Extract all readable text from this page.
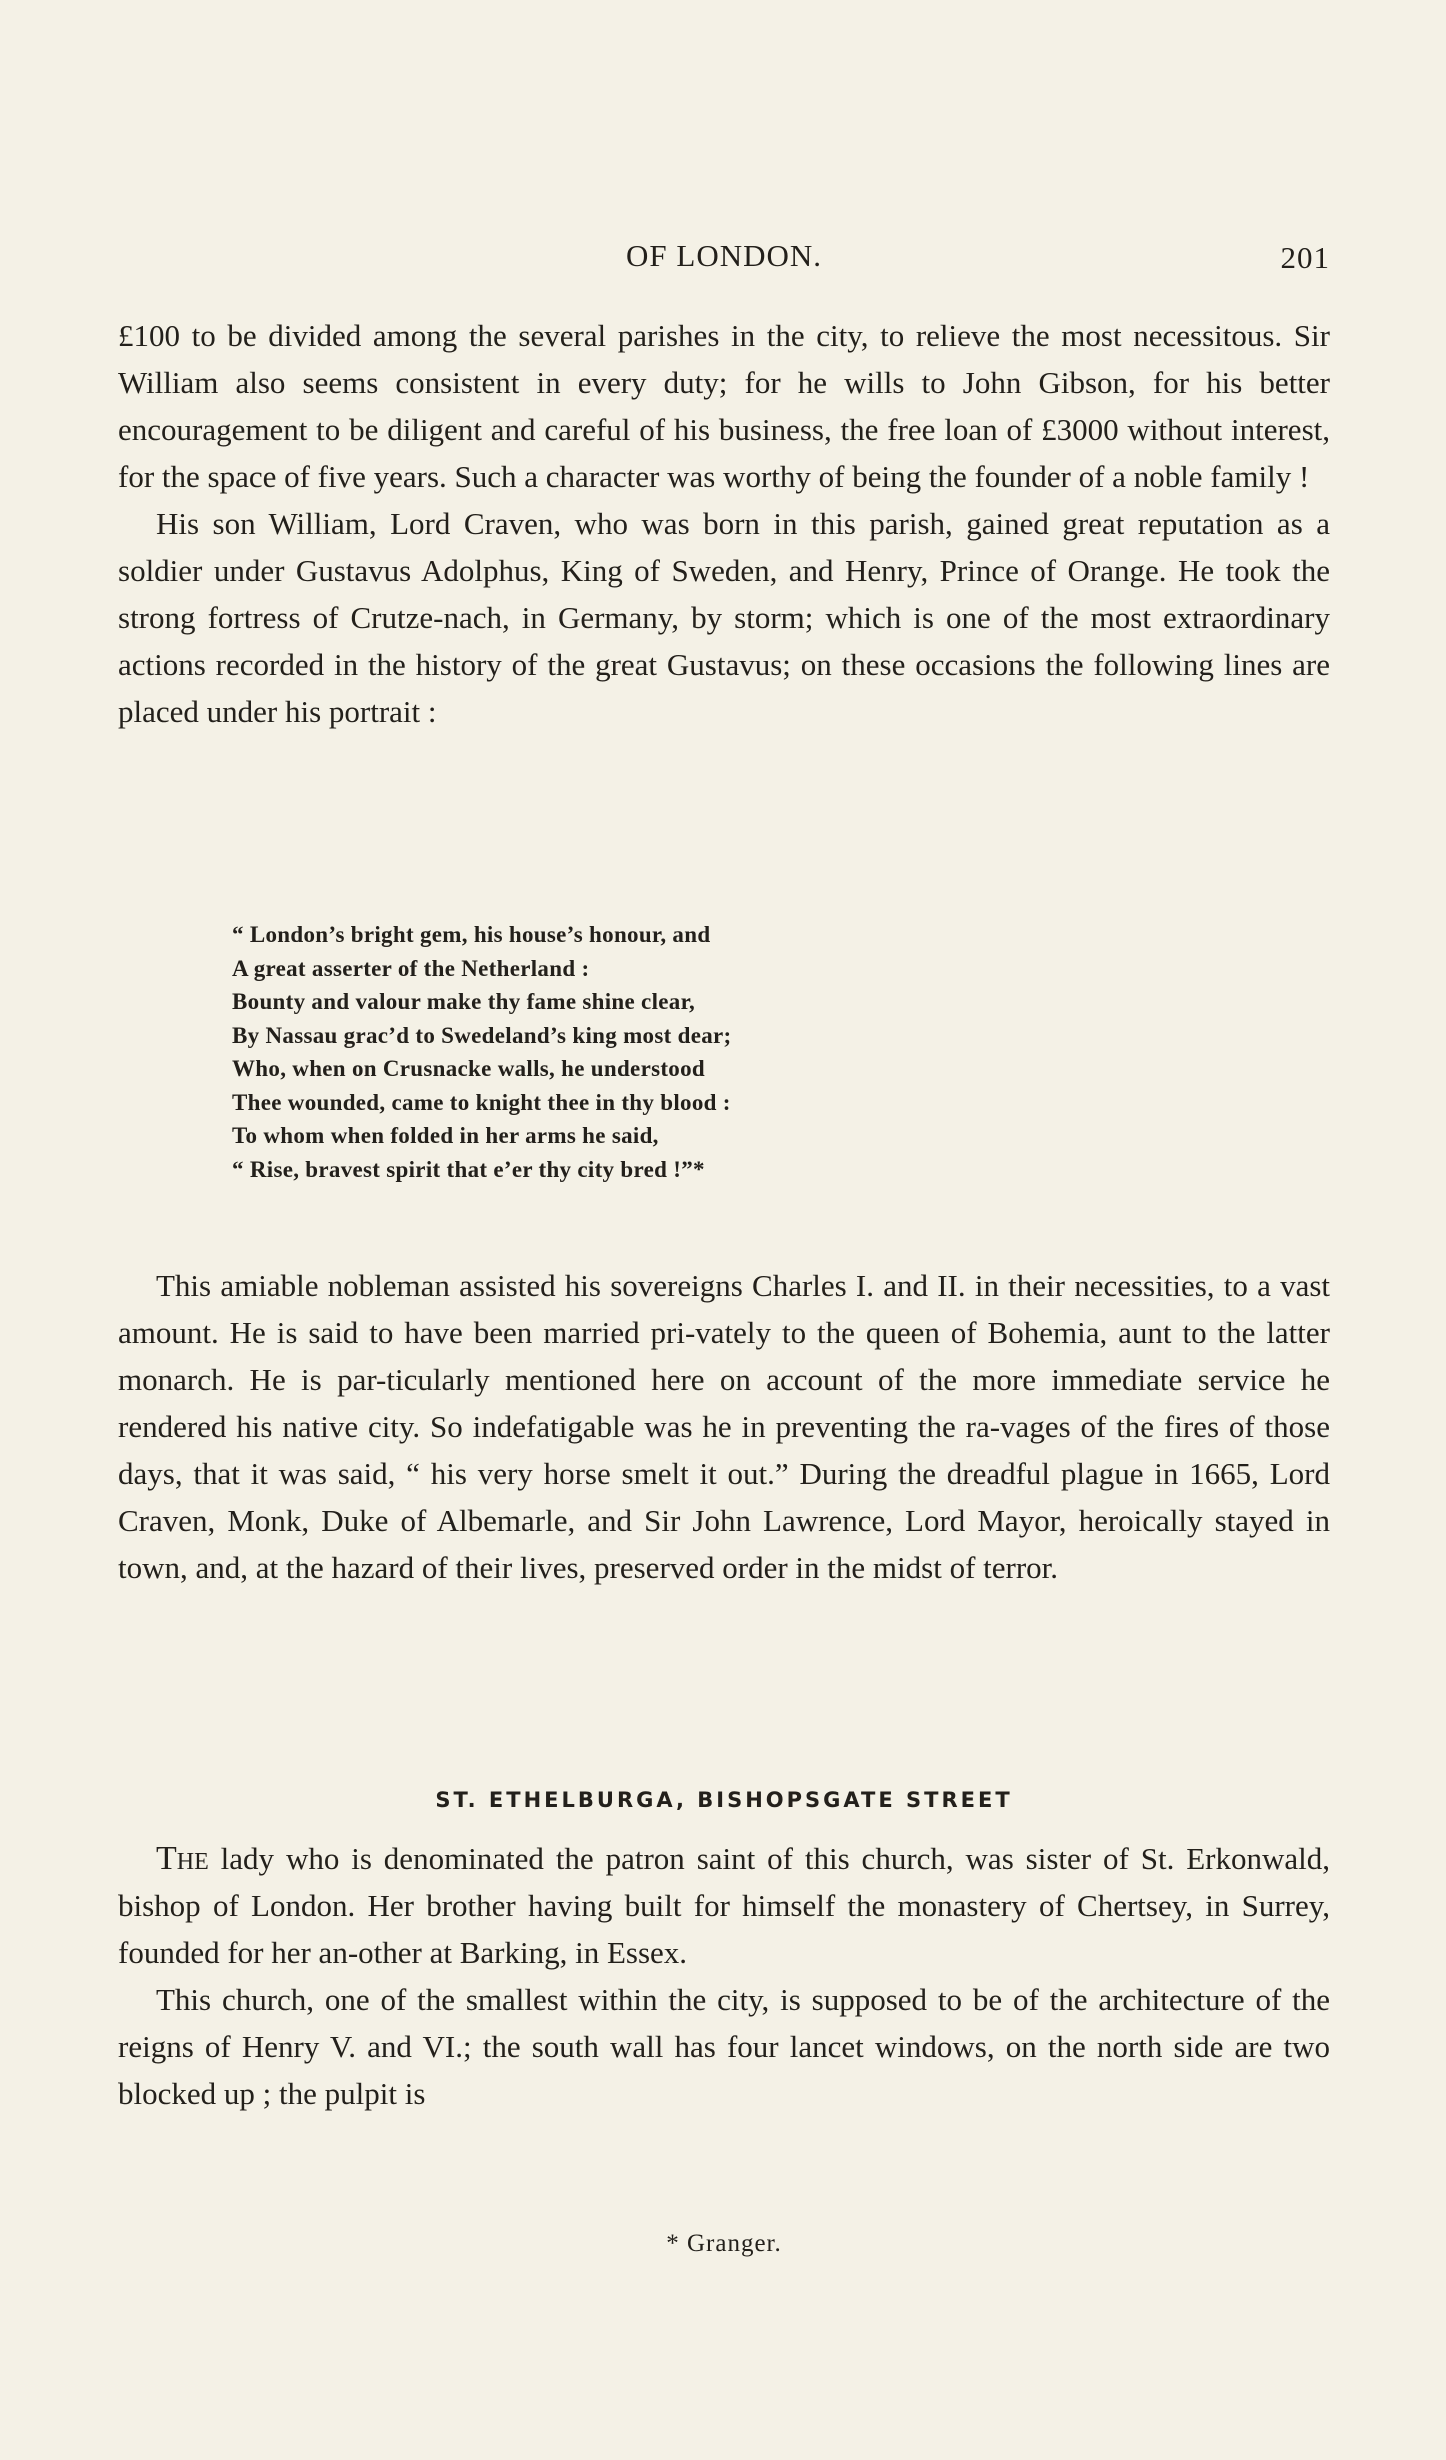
OF LONDON.	201

£100 to be divided among the several parishes in the city, to relieve the most necessitous. Sir William also seems consistent in every duty; for he wills to John Gibson, for his better encouragement to be diligent and careful of his business, the free loan of £3000 without interest, for the space of five years. Such a character was worthy of being the founder of a noble family !

His son William, Lord Craven, who was born in this parish, gained great reputation as a soldier under Gustavus Adolphus, King of Sweden, and Henry, Prince of Orange. He took the strong fortress of Crutze-nach, in Germany, by storm; which is one of the most extraordinary actions recorded in the history of the great Gustavus; on these occasions the following lines are placed under his portrait :

“ London’s bright gem, his house’s honour, and
A great asserter of the Netherland :
Bounty and valour make thy fame shine clear,
By Nassau grac’d to Swedeland’s king most dear;
Who, when on Crusnacke walls, he understood
Thee wounded, came to knight thee in thy blood :
To whom when folded in her arms he said,
“ Rise, bravest spirit that e’er thy city bred !”*

This amiable nobleman assisted his sovereigns Charles I. and II. in their necessities, to a vast amount. He is said to have been married pri-vately to the queen of Bohemia, aunt to the latter monarch. He is par-ticularly mentioned here on account of the more immediate service he rendered his native city. So indefatigable was he in preventing the ra-vages of the fires of those days, that it was said, “ his very horse smelt it out.” During the dreadful plague in 1665, Lord Craven, Monk, Duke of Albemarle, and Sir John Lawrence, Lord Mayor, heroically stayed in town, and, at the hazard of their lives, preserved order in the midst of terror.

ST. ETHELBURGA, BISHOPSGATE STREET

The lady who is denominated the patron saint of this church, was sister of St. Erkonwald, bishop of London. Her brother having built for himself the monastery of Chertsey, in Surrey, founded for her an-other at Barking, in Essex.

This church, one of the smallest within the city, is supposed to be of the architecture of the reigns of Henry V. and VI.; the south wall has four lancet windows, on the north side are two blocked up ; the pulpit is

* Granger.
